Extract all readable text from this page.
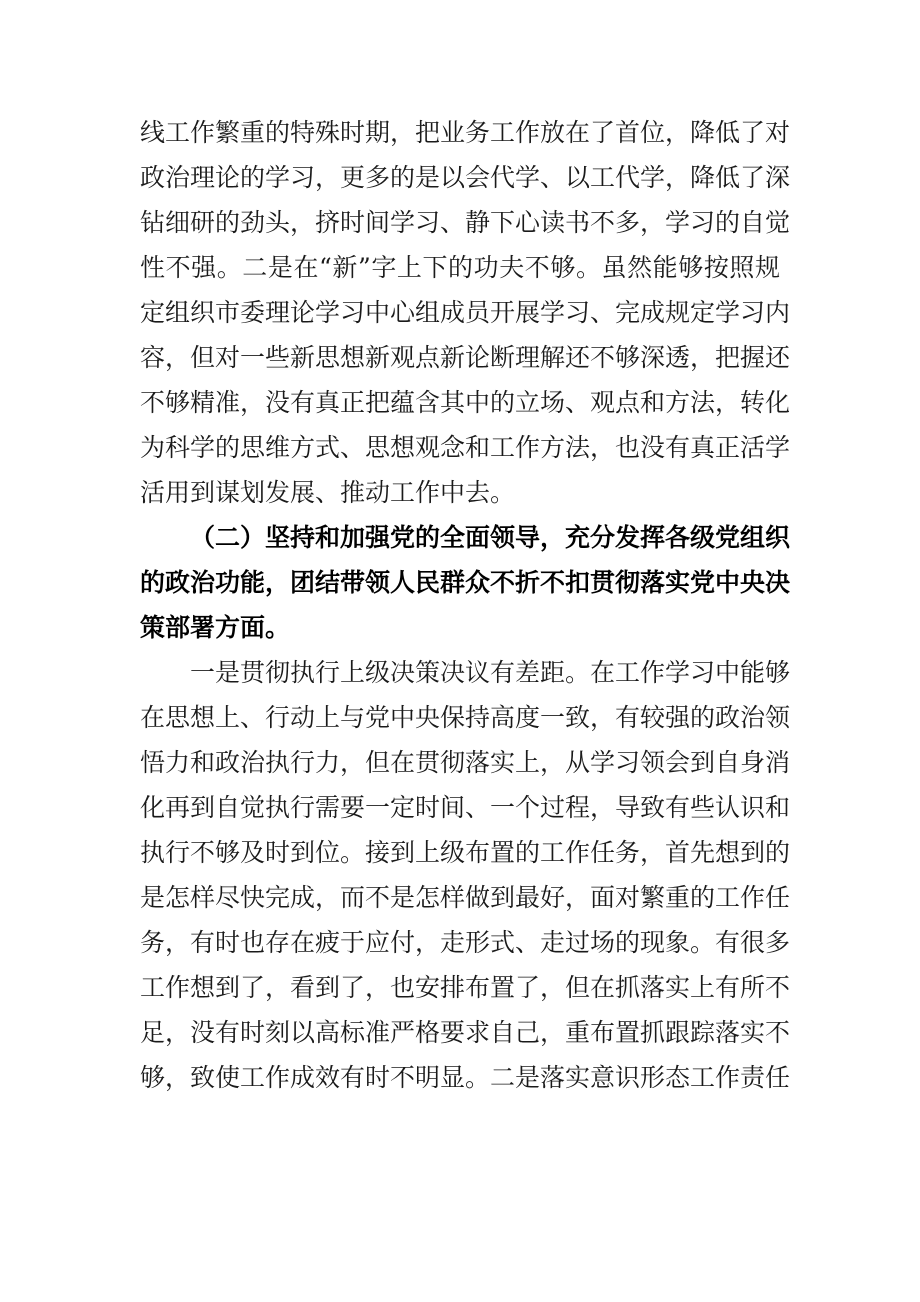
线工作繁重的特殊时期，把业务工作放在了首位，降低了对
政治理论的学习，更多的是以会代学、以工代学，降低了深
钻细研的劲头，挤时间学习、静下心读书不多，学习的自觉
性不强。二是在“新”字上下的功夫不够。虽然能够按照规
定组织市委理论学习中心组成员开展学习、完成规定学习内
容，但对一些新思想新观点新论断理解还不够深透，把握还
不够精准，没有真正把蕴含其中的立场、观点和方法，转化
为科学的思维方式、思想观念和工作方法，也没有真正活学
活用到谋划发展、推动工作中去。
（二）坚持和加强党的全面领导，充分发挥各级党组织
的政治功能，团结带领人民群众不折不扣贯彻落实党中央决
策部署方面。
一是贯彻执行上级决策决议有差距。在工作学习中能够
在思想上、行动上与党中央保持高度一致，有较强的政治领
悟力和政治执行力，但在贯彻落实上，从学习领会到自身消
化再到自觉执行需要一定时间、一个过程，导致有些认识和
执行不够及时到位。接到上级布置的工作任务，首先想到的
是怎样尽快完成，而不是怎样做到最好，面对繁重的工作任
务，有时也存在疲于应付，走形式、走过场的现象。有很多
工作想到了，看到了，也安排布置了，但在抓落实上有所不
足，没有时刻以高标准严格要求自己，重布置抓跟踪落实不
够，致使工作成效有时不明显。二是落实意识形态工作责任
